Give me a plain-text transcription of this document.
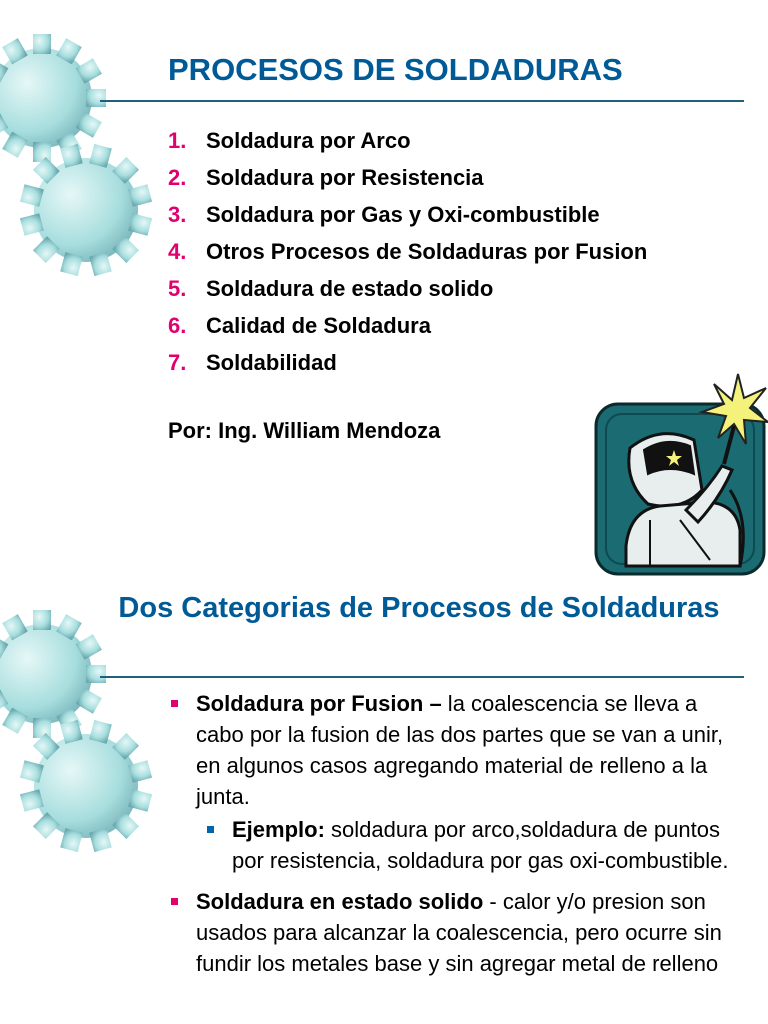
PROCESOS DE SOLDADURAS
1. Soldadura por Arco
2. Soldadura por Resistencia
3. Soldadura por Gas y Oxi-combustible
4. Otros Procesos de Soldaduras por Fusion
5. Soldadura de estado solido
6. Calidad de Soldadura
7. Soldabilidad
Por: Ing. William Mendoza
Dos Categorias de Procesos de Soldaduras
Soldadura por Fusion – la coalescencia se lleva a cabo por la fusion de las dos partes que se van a unir, en algunos casos agregando material de relleno a la junta.
Ejemplo: soldadura por arco,soldadura de puntos por resistencia, soldadura por gas oxi-combustible.
Soldadura en estado solido - calor y/o presion son usados para alcanzar la coalescencia, pero ocurre sin fundir los metales base y sin agregar metal de relleno
